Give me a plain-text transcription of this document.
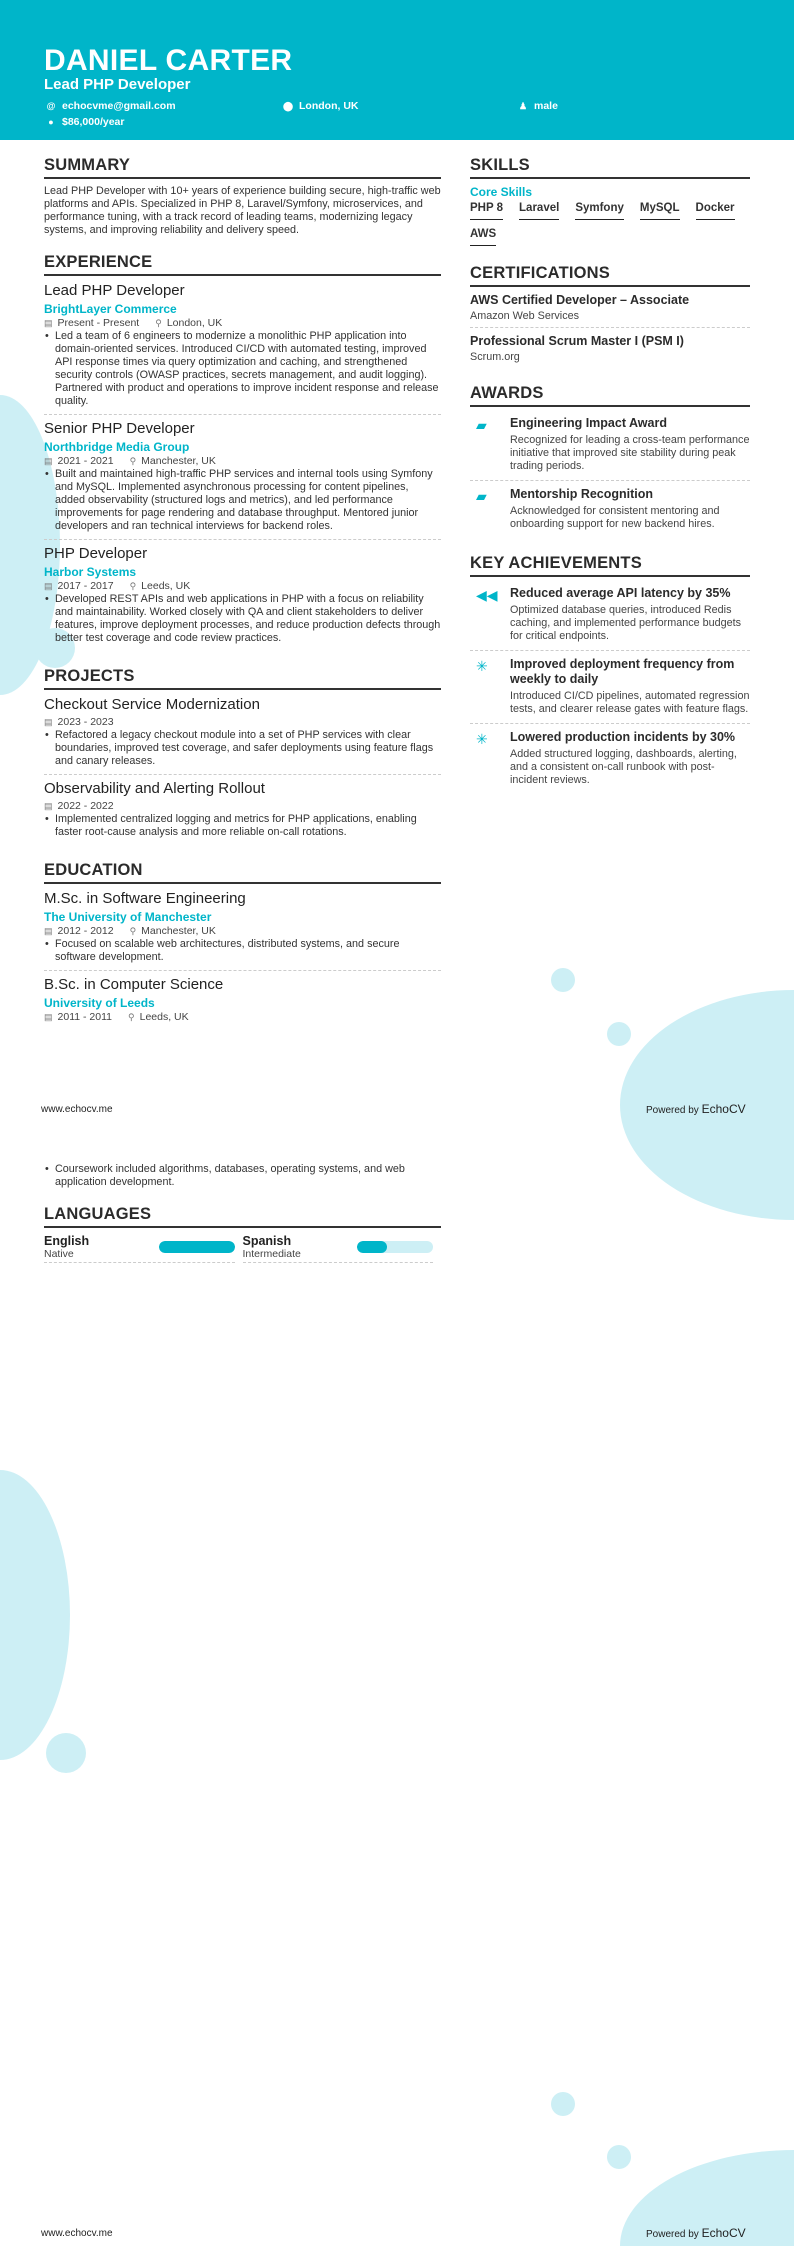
DANIEL CARTER
Lead PHP Developer
@ echocvme@gmail.com	⬤ London, UK	♟ male
● $86,000/year
SUMMARY
Lead PHP Developer with 10+ years of experience building secure, high-traffic web platforms and APIs. Specialized in PHP 8, Laravel/Symfony, microservices, and performance tuning, with a track record of leading teams, modernizing legacy systems, and improving reliability and delivery speed.
EXPERIENCE
Lead PHP Developer
BrightLayer Commerce
▤ Present - Present ⚲ London, UK
• Led a team of 6 engineers to modernize a monolithic PHP application into domain-oriented services. Introduced CI/CD with automated testing, improved API response times via query optimization and caching, and strengthened security controls (OWASP practices, secrets management, and audit logging). Partnered with product and operations to improve incident response and release quality.
Senior PHP Developer
Northbridge Media Group
▤ 2021 - 2021 ⚲ Manchester, UK
• Built and maintained high-traffic PHP services and internal tools using Symfony and MySQL. Implemented asynchronous processing for content pipelines, added observability (structured logs and metrics), and led performance improvements for page rendering and database throughput. Mentored junior developers and ran technical interviews for backend roles.
PHP Developer
Harbor Systems
▤ 2017 - 2017 ⚲ Leeds, UK
• Developed REST APIs and web applications in PHP with a focus on reliability and maintainability. Worked closely with QA and client stakeholders to deliver features, improve deployment processes, and reduce production defects through better test coverage and code review practices.
PROJECTS
Checkout Service Modernization
▤ 2023 - 2023
• Refactored a legacy checkout module into a set of PHP services with clear boundaries, improved test coverage, and safer deployments using feature flags and canary releases.
Observability and Alerting Rollout
▤ 2022 - 2022
• Implemented centralized logging and metrics for PHP applications, enabling faster root-cause analysis and more reliable on-call rotations.
EDUCATION
M.Sc. in Software Engineering
The University of Manchester
▤ 2012 - 2012 ⚲ Manchester, UK
• Focused on scalable web architectures, distributed systems, and secure software development.
B.Sc. in Computer Science
University of Leeds
▤ 2011 - 2011 ⚲ Leeds, UK
• Coursework included algorithms, databases, operating systems, and web application development.
LANGUAGES
English
Native
Spanish
Intermediate
SKILLS
Core Skills
PHP 8 Laravel Symfony MySQL Docker
AWS
CERTIFICATIONS
AWS Certified Developer – Associate
Amazon Web Services
Professional Scrum Master I (PSM I)
Scrum.org
AWARDS
▰	Engineering Impact Award
Recognized for leading a cross-team performance initiative that improved site stability during peak trading periods.
▰	Mentorship Recognition
Acknowledged for consistent mentoring and onboarding support for new backend hires.
KEY ACHIEVEMENTS
◀◀ Reduced average API latency by 35%
Optimized database queries, introduced Redis caching, and implemented performance budgets for critical endpoints.
✳	Improved deployment frequency from weekly to daily
Introduced CI/CD pipelines, automated regression tests, and clearer release gates with feature flags.
✳	Lowered production incidents by 30%
Added structured logging, dashboards, alerting, and a consistent on-call runbook with post-incident reviews.
www.echocv.me	Powered by EchoCV
www.echocv.me	Powered by EchoCV
